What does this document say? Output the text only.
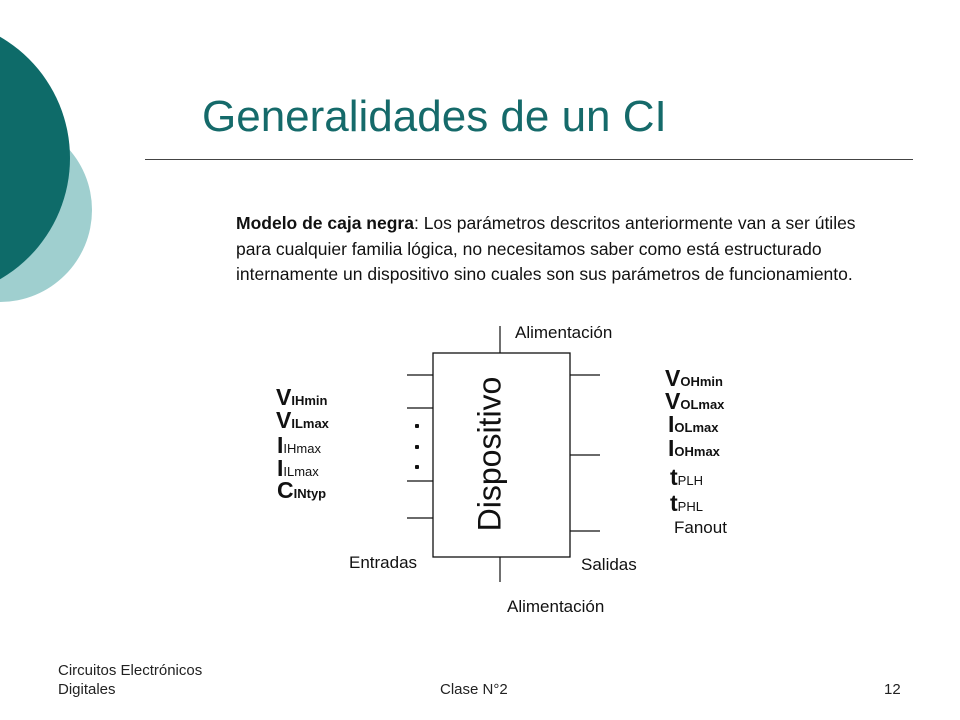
Generalidades de un CI
Modelo de caja negra: Los parámetros descritos anteriormente van a ser útiles para cualquier familia lógica, no necesitamos saber como está estructurado internamente un dispositivo sino cuales son sus parámetros de funcionamiento.
Dispositivo
Alimentación
Alimentación
Entradas	Salidas
VIHmin
VILmax
IIHmax
IILmax
CINtyp
VOHmin
VOLmax
IOLmax
IOHmax
tPLH
tPHL
Fanout
Circuitos Electrónicos
Digitales	Clase N°2	12
